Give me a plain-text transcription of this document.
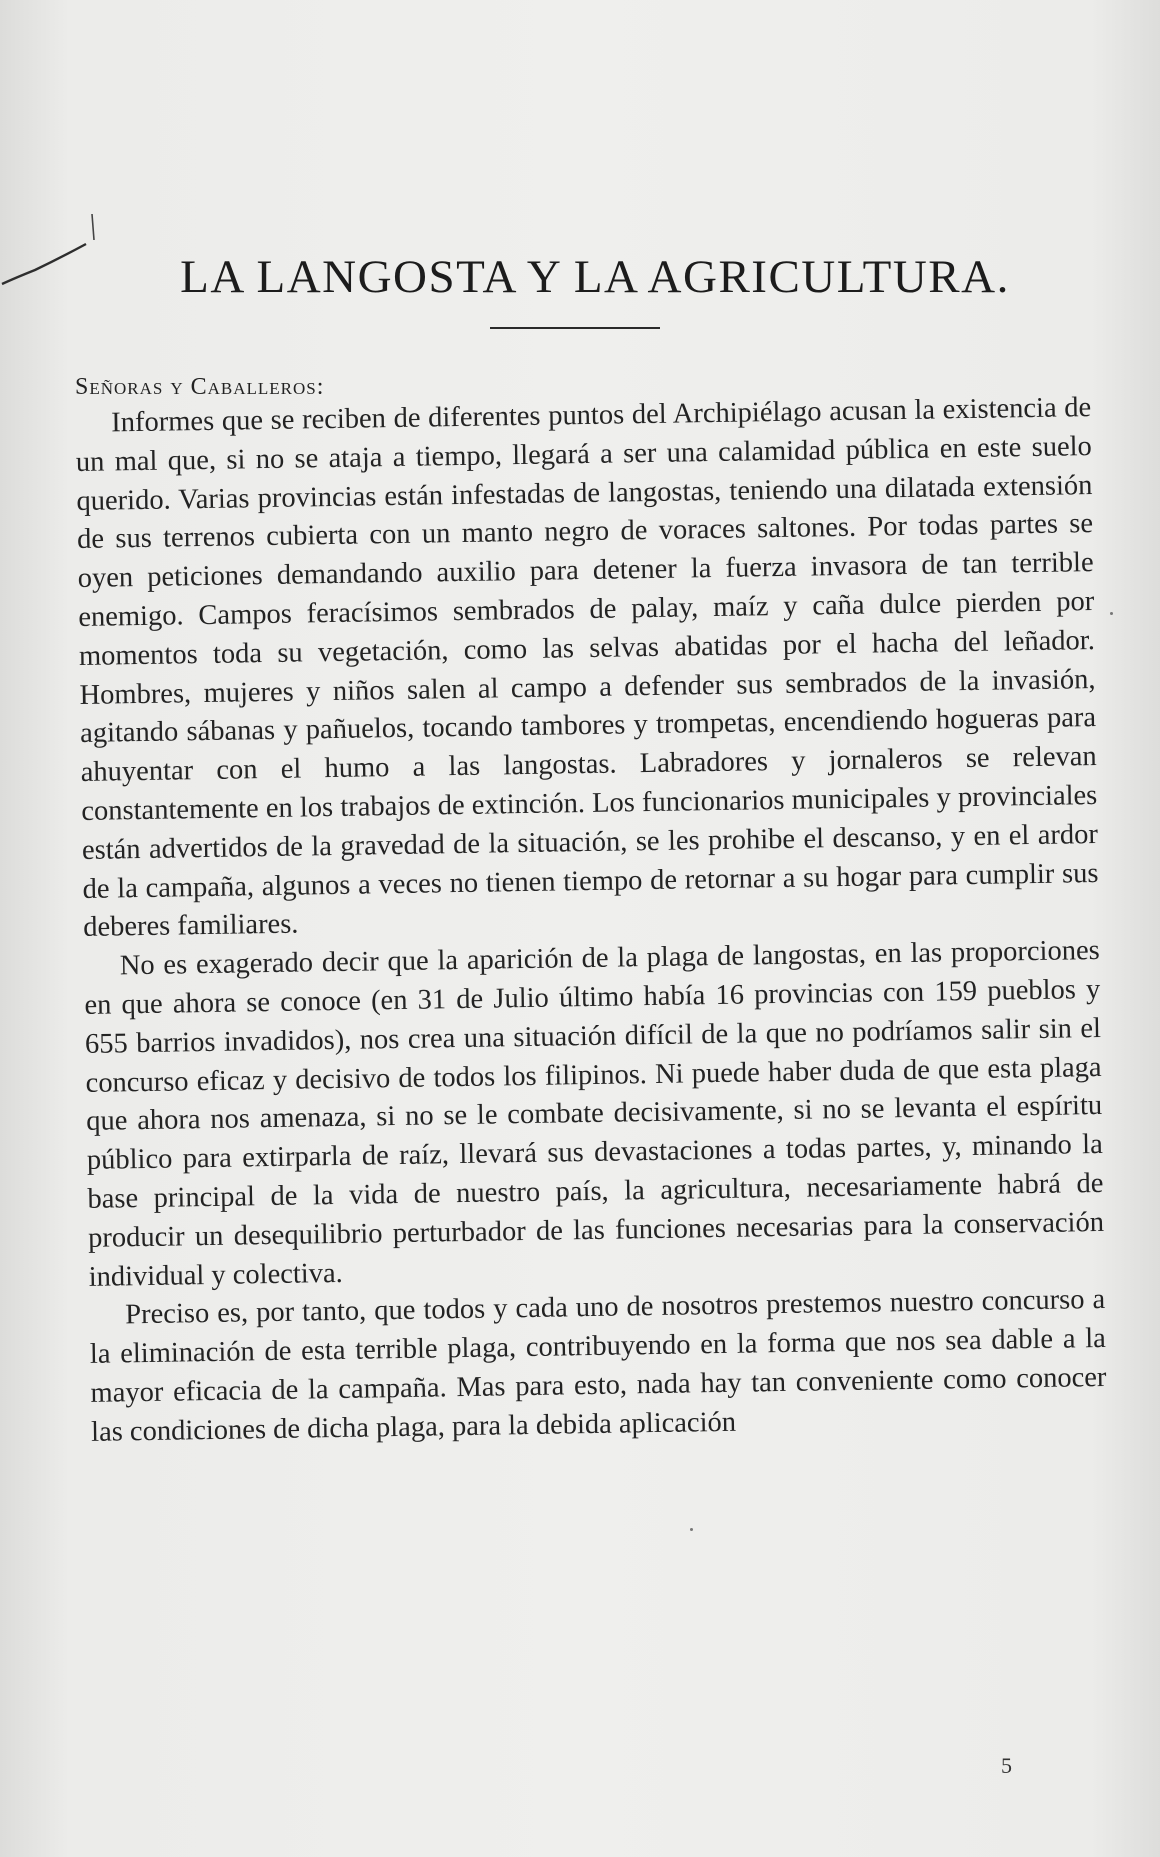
LA LANGOSTA Y LA AGRICULTURA.
Señoras y Caballeros:

Informes que se reciben de diferentes puntos del Archipiélago acusan la existencia de un mal que, si no se ataja a tiempo, llegará a ser una calamidad pública en este suelo querido. Varias provincias están infestadas de langostas, teniendo una dilatada extensión de sus terrenos cubierta con un manto negro de voraces saltones. Por todas partes se oyen peticiones demandando auxilio para detener la fuerza invasora de tan terrible enemigo. Campos feracísimos sembrados de palay, maíz y caña dulce pierden por momentos toda su vegetación, como las selvas abatidas por el hacha del leñador. Hombres, mujeres y niños salen al campo a defender sus sembrados de la invasión, agitando sábanas y pañuelos, tocando tambores y trompetas, encendiendo hogueras para ahuyentar con el humo a las langostas. Labradores y jornaleros se relevan constantemente en los trabajos de extinción. Los funcionarios municipales y provinciales están advertidos de la gravedad de la situación, se les prohibe el descanso, y en el ardor de la campaña, algunos a veces no tienen tiempo de retornar a su hogar para cumplir sus deberes familiares.

No es exagerado decir que la aparición de la plaga de langostas, en las proporciones en que ahora se conoce (en 31 de Julio último había 16 provincias con 159 pueblos y 655 barrios invadidos), nos crea una situación difícil de la que no podríamos salir sin el concurso eficaz y decisivo de todos los filipinos. Ni puede haber duda de que esta plaga que ahora nos amenaza, si no se le combate decisivamente, si no se levanta el espíritu público para extirparla de raíz, llevará sus devastaciones a todas partes, y, minando la base principal de la vida de nuestro país, la agricultura, necesariamente habrá de producir un desequilibrio perturbador de las funciones necesarias para la conservación individual y colectiva.

Preciso es, por tanto, que todos y cada uno de nosotros prestemos nuestro concurso a la eliminación de esta terrible plaga, contribuyendo en la forma que nos sea dable a la mayor eficacia de la campaña. Mas para esto, nada hay tan conveniente como conocer las condiciones de dicha plaga, para la debida aplicación

5
